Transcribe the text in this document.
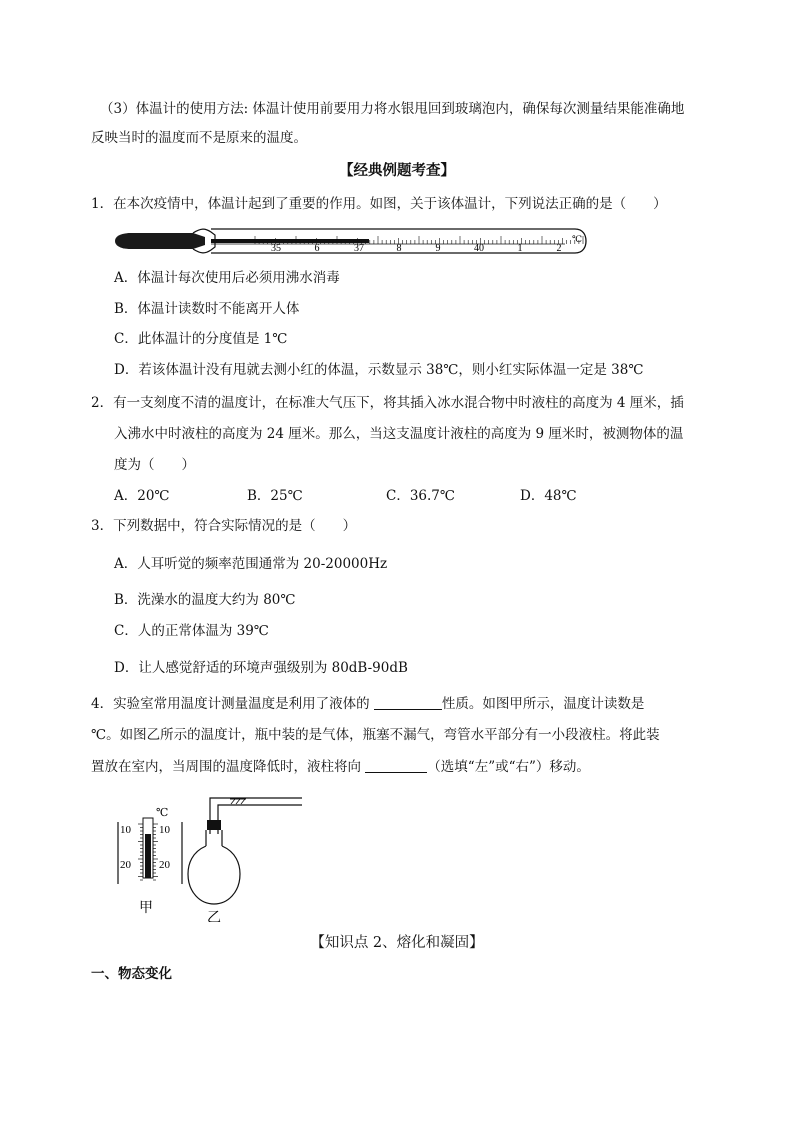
（3）体温计的使用方法: 体温计使用前要用力将水银甩回到玻璃泡内，确保每次测量结果能准确地
反映当时的温度而不是原来的温度。
【经典例题考查】
1．在本次疫情中，体温计起到了重要的作用。如图，关于该体温计，下列说法正确的是（　　）
35	6	37	8	9	40	1	2
℃
A．体温计每次使用后必须用沸水消毒
B．体温计读数时不能离开人体
C．此体温计的分度值是 1℃
D．若该体温计没有甩就去测小红的体温，示数显示 38℃，则小红实际体温一定是 38℃
2．有一支刻度不清的温度计，在标准大气压下，将其插入冰水混合物中时液柱的高度为 4 厘米，插
入沸水中时液柱的高度为 24 厘米。那么，当这支温度计液柱的高度为 9 厘米时，被测物体的温
度为（　　）
A．20℃	B．25℃	C．36.7℃	D．48℃
3．下列数据中，符合实际情况的是（　　）
A．人耳听觉的频率范围通常为 20-20000Hz
B．洗澡水的温度大约为 80℃
C．人的正常体温为 39℃
D．让人感觉舒适的环境声强级别为 80dB-90dB
4．实验室常用温度计测量温度是利用了液体的	性质。如图甲所示，温度计读数是
℃。如图乙所示的温度计，瓶中装的是气体，瓶塞不漏气，弯管水平部分有一小段液柱。将此装
置放在室内，当周围的温度降低时，液柱将向	（选填“左”或“右”）移动。
℃
10	10
20	20
甲
乙
【知识点 2、熔化和凝固】
一、物态变化
